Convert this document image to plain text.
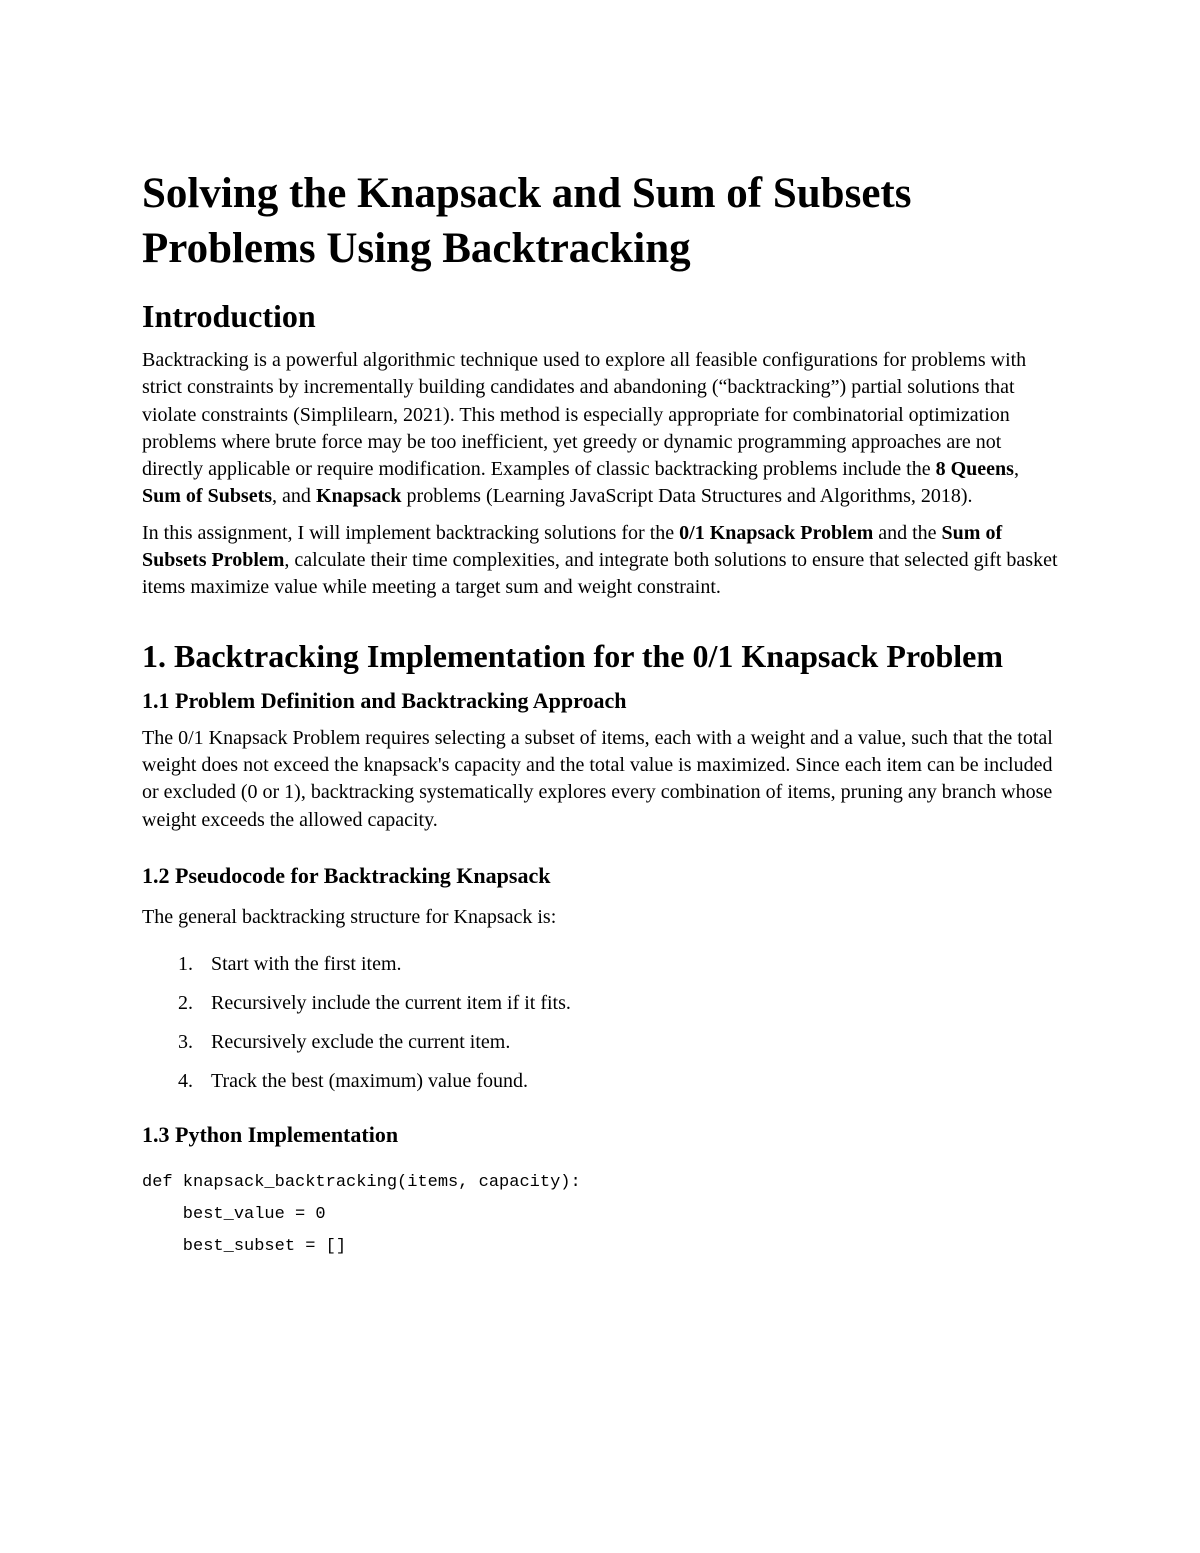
Solving the Knapsack and Sum of Subsets Problems Using Backtracking
Introduction

Backtracking is a powerful algorithmic technique used to explore all feasible configurations for problems with strict constraints by incrementally building candidates and abandoning (“backtracking”) partial solutions that violate constraints (Simplilearn, 2021). This method is especially appropriate for combinatorial optimization problems where brute force may be too inefficient, yet greedy or dynamic programming approaches are not directly applicable or require modification. Examples of classic backtracking problems include the 8 Queens, Sum of Subsets, and Knapsack problems (Learning JavaScript Data Structures and Algorithms, 2018).

In this assignment, I will implement backtracking solutions for the 0/1 Knapsack Problem and the Sum of Subsets Problem, calculate their time complexities, and integrate both solutions to ensure that selected gift basket items maximize value while meeting a target sum and weight constraint.

1. Backtracking Implementation for the 0/1 Knapsack Problem
1.1 Problem Definition and Backtracking Approach

The 0/1 Knapsack Problem requires selecting a subset of items, each with a weight and a value, such that the total weight does not exceed the knapsack's capacity and the total value is maximized. Since each item can be included or excluded (0 or 1), backtracking systematically explores every combination of items, pruning any branch whose weight exceeds the allowed capacity.

1.2 Pseudocode for Backtracking Knapsack

The general backtracking structure for Knapsack is:

1. Start with the first item.
2. Recursively include the current item if it fits.
3. Recursively exclude the current item.
4. Track the best (maximum) value found.
1.3 Python Implementation
def knapsack_backtracking(items, capacity):
best_value = 0
best_subset = []
